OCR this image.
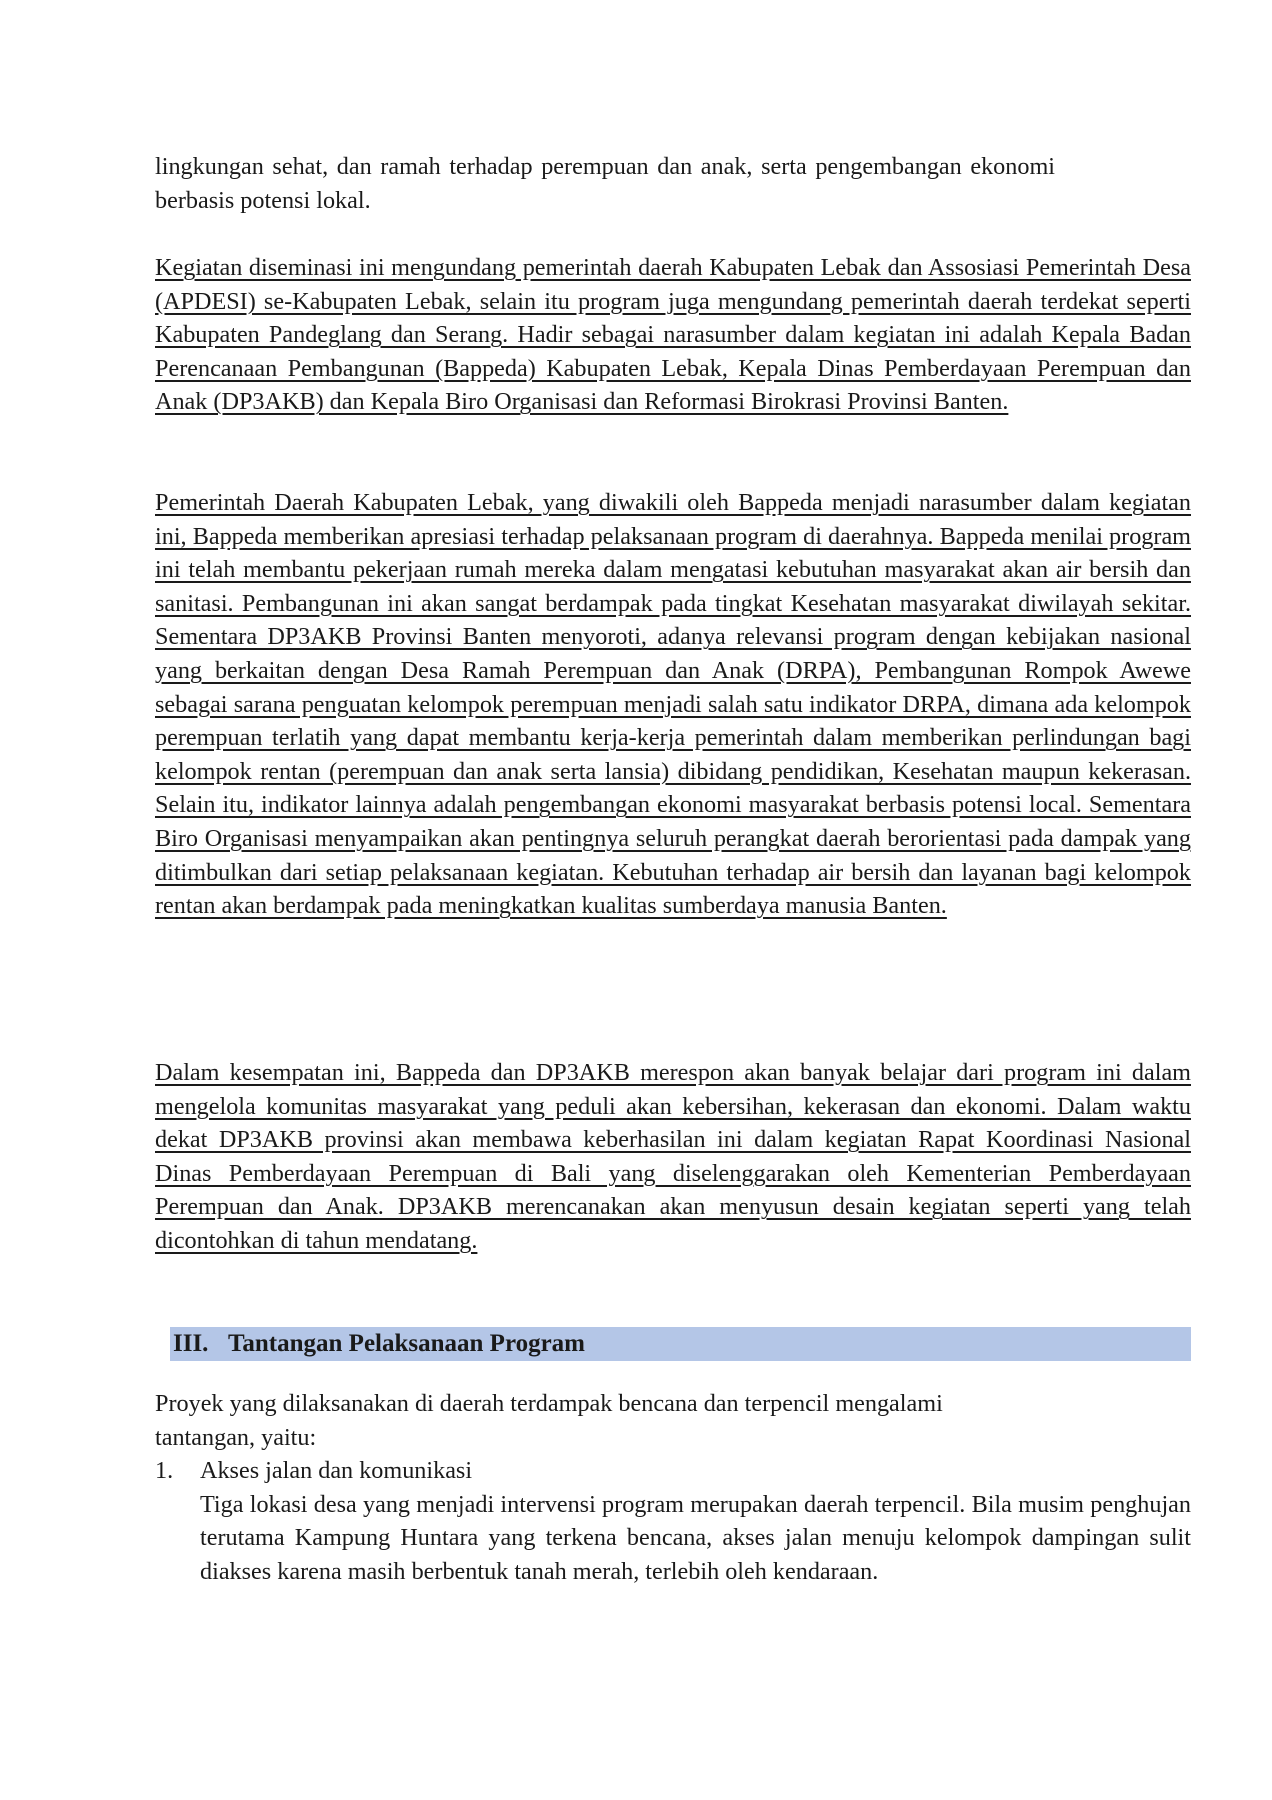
lingkungan sehat, dan ramah terhadap perempuan dan anak, serta pengembangan ekonomi berbasis potensi lokal.

Kegiatan diseminasi ini mengundang pemerintah daerah Kabupaten Lebak dan Assosiasi Pemerintah Desa (APDESI) se-Kabupaten Lebak, selain itu program juga mengundang pemerintah daerah terdekat seperti Kabupaten Pandeglang dan Serang. Hadir sebagai narasumber dalam kegiatan ini adalah Kepala Badan Perencanaan Pembangunan (Bappeda) Kabupaten Lebak, Kepala Dinas Pemberdayaan Perempuan dan Anak (DP3AKB) dan Kepala Biro Organisasi dan Reformasi Birokrasi Provinsi Banten.

Pemerintah Daerah Kabupaten Lebak, yang diwakili oleh Bappeda menjadi narasumber dalam kegiatan ini, Bappeda memberikan apresiasi terhadap pelaksanaan program di daerahnya. Bappeda menilai program ini telah membantu pekerjaan rumah mereka dalam mengatasi kebutuhan masyarakat akan air bersih dan sanitasi. Pembangunan ini akan sangat berdampak pada tingkat Kesehatan masyarakat diwilayah sekitar. Sementara DP3AKB Provinsi Banten menyoroti, adanya relevansi program dengan kebijakan nasional yang berkaitan dengan Desa Ramah Perempuan dan Anak (DRPA), Pembangunan Rompok Awewe sebagai sarana penguatan kelompok perempuan menjadi salah satu indikator DRPA, dimana ada kelompok perempuan terlatih yang dapat membantu kerja-kerja pemerintah dalam memberikan perlindungan bagi kelompok rentan (perempuan dan anak serta lansia) dibidang pendidikan, Kesehatan maupun kekerasan. Selain itu, indikator lainnya adalah pengembangan ekonomi masyarakat berbasis potensi local. Sementara Biro Organisasi menyampaikan akan pentingnya seluruh perangkat daerah berorientasi pada dampak yang ditimbulkan dari setiap pelaksanaan kegiatan. Kebutuhan terhadap air bersih dan layanan bagi kelompok rentan akan berdampak pada meningkatkan kualitas sumberdaya manusia Banten.

Dalam kesempatan ini, Bappeda dan DP3AKB merespon akan banyak belajar dari program ini dalam mengelola komunitas masyarakat yang peduli akan kebersihan, kekerasan dan ekonomi. Dalam waktu dekat DP3AKB provinsi akan membawa keberhasilan ini dalam kegiatan Rapat Koordinasi Nasional Dinas Pemberdayaan Perempuan di Bali yang diselenggarakan oleh Kementerian Pemberdayaan Perempuan dan Anak. DP3AKB merencanakan akan menyusun desain kegiatan seperti yang telah dicontohkan di tahun mendatang.

III. Tantangan Pelaksanaan Program

Proyek yang dilaksanakan di daerah terdampak bencana dan terpencil mengalami tantangan, yaitu:

1.	Akses jalan dan komunikasi
Tiga lokasi desa yang menjadi intervensi program merupakan daerah terpencil. Bila musim penghujan terutama Kampung Huntara yang terkena bencana, akses jalan menuju kelompok dampingan sulit diakses karena masih berbentuk tanah merah, terlebih oleh kendaraan.
